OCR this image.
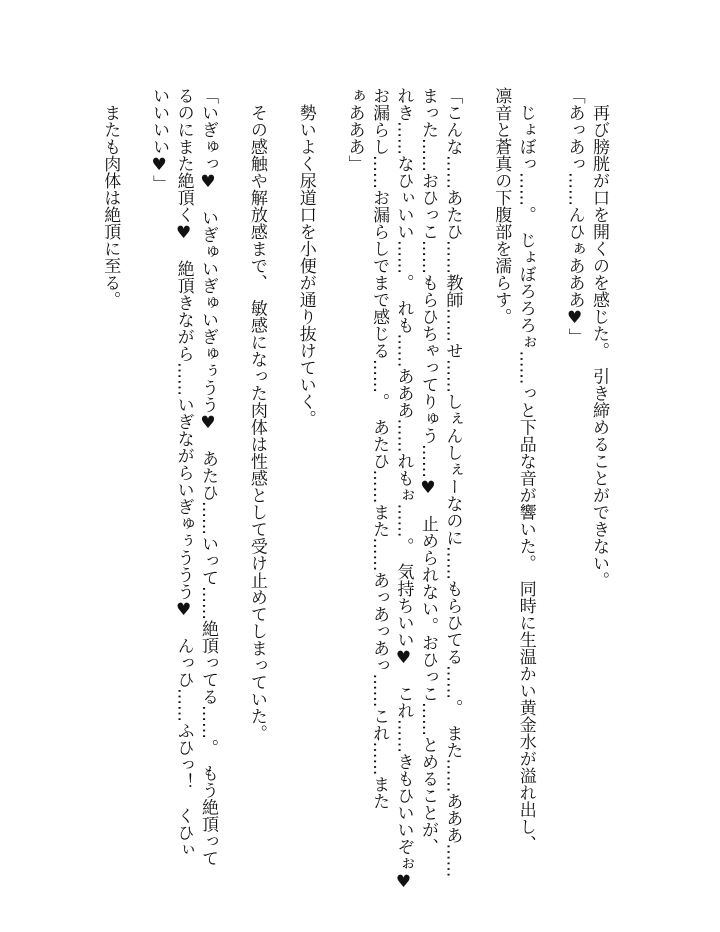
　再び膀胱が口を開くのを感じた。　引き締めることができない。
「あっあっ……んひぁあああ♥」
　じょぼっ……。　じょぼろろろぉ……っと下品な音が響いた。　同時に生温かい黄金水が溢れ出し、
凛音と蒼真の下腹部を濡らす。
「こんな……あたひ……教師……せ……しぇんしぇーなのに……もらひてる……。　また……あああ……
まった……おひっこ……もらひちゃってりゅう……♥　止められない。おひっこ……とめることが、
れき……なひぃいい……。　れも……あああ……れもぉ……。　気持ちいい♥　これ……きもひいいぞぉ♥
お漏らし……お漏らしでまで感じる……。　あたひ……また……あっあっあっ……これ……また
ぁあああ」
　勢いよく尿道口を小便が通り抜けていく。
　その感触や解放感まで、　敏感になった肉体は性感として受け止めてしまっていた。
「いぎゅっ♥　いぎゅいぎゅいぎゅぅうう♥　あたひ……いって……絶頂ってる……。　もう絶頂って
るのにまた絶頂く♥　絶頂きながら……いぎながらいぎゅぅううう♥　んっひ……ふひっ！　くひぃ
いいいい♥」
　またも肉体は絶頂に至る。
